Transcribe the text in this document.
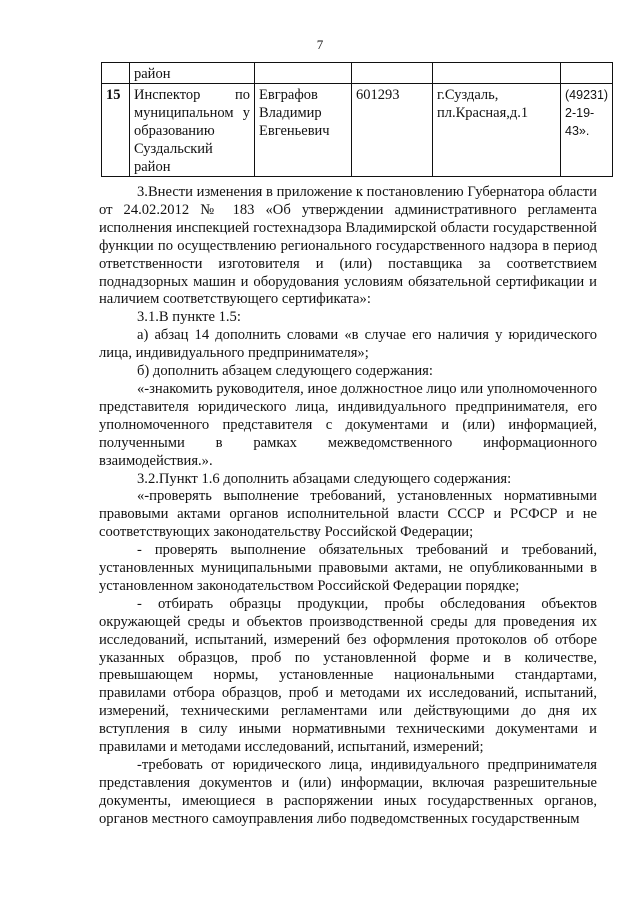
7
	район				
15	Инспектор по муниципальном у образованию Суздальский район	Евграфов Владимир Евгеньевич	601293	г.Суздаль, пл.Красная,д.1	(49231) 2-19-43».

3.Внести изменения в приложение к постановлению Губернатора области от 24.02.2012 № 183 «Об утверждении административного регламента исполнения инспекцией гостехнадзора Владимирской области государственной функции по осуществлению регионального государственного надзора в период ответственности изготовителя и (или) поставщика за соответствием поднадзорных машин и оборудования условиям обязательной сертификации и наличием соответствующего сертификата»:

3.1.В пункте 1.5:

а) абзац 14 дополнить словами «в случае его наличия у юридического лица, индивидуального предпринимателя»;

б) дополнить абзацем следующего содержания:

«-знакомить руководителя, иное должностное лицо или уполномоченного представителя юридического лица, индивидуального предпринимателя, его уполномоченного представителя с документами и (или) информацией, полученными в рамках межведомственного информационного взаимодействия.».

3.2.Пункт 1.6 дополнить абзацами следующего содержания:

«-проверять выполнение требований, установленных нормативными правовыми актами органов исполнительной власти СССР и РСФСР и не соответствующих законодательству Российской Федерации;

- проверять выполнение обязательных требований и требований, установленных муниципальными правовыми актами, не опубликованными в установленном законодательством Российской Федерации порядке;

- отбирать образцы продукции, пробы обследования объектов окружающей среды и объектов производственной среды для проведения их исследований, испытаний, измерений без оформления протоколов об отборе указанных образцов, проб по установленной форме и в количестве, превышающем нормы, установленные национальными стандартами, правилами отбора образцов, проб и методами их исследований, испытаний, измерений, техническими регламентами или действующими до дня их вступления в силу иными нормативными техническими документами и правилами и методами исследований, испытаний, измерений;

-требовать от юридического лица, индивидуального предпринимателя представления документов и (или) информации, включая разрешительные документы, имеющиеся в распоряжении иных государственных органов, органов местного самоуправления либо подведомственных государственным
